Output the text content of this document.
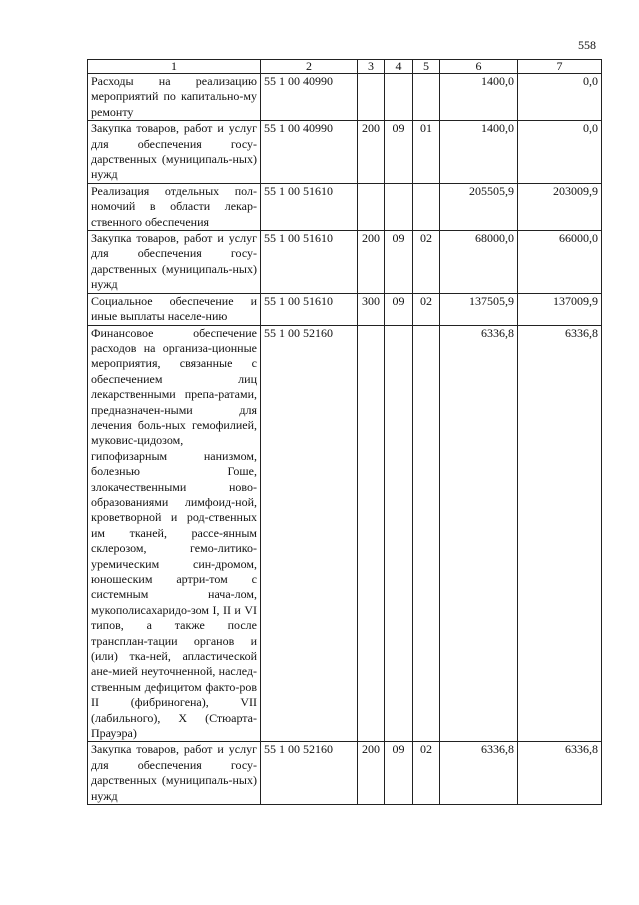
558
1	2	3	4	5	6	7
Расходы на реализацию мероприятий по капитально-му ремонту	55 1 00 40990				1400,0	0,0
Закупка товаров, работ и услуг для обеспечения госу-дарственных (муниципаль-ных) нужд	55 1 00 40990	200	09	01	1400,0	0,0
Реализация отдельных пол-номочий в области лекар-ственного обеспечения	55 1 00 51610				205505,9	203009,9
Закупка товаров, работ и услуг для обеспечения госу-дарственных (муниципаль-ных) нужд	55 1 00 51610	200	09	02	68000,0	66000,0
Социальное обеспечение и иные выплаты населе-нию	55 1 00 51610	300	09	02	137505,9	137009,9
Финансовое обеспечение расходов на организа-ционные мероприятия, связанные с обеспечением лиц лекарственными препа-ратами, предназначен-ными для лечения боль-ных гемофилией, муковис-цидозом, гипофизарным нанизмом, болезнью Гоше, злокачественными ново-образованиями лимфоид-ной, кроветворной и род-ственных им тканей, рассе-янным склерозом, гемо-литико-уремическим син-дромом, юношеским артри-том с системным нача-лом, мукополисахаридо-зом I, II и VI типов, а также после трансплан-тации органов и (или) тка-ней, апластической ане-мией неуточненной, наслед-ственным дефицитом факто-ров II (фибриногена), VII (лабильного), X (Стюарта-Прауэра)	55 1 00 52160				6336,8	6336,8
Закупка товаров, работ и услуг для обеспечения госу-дарственных (муниципаль-ных) нужд	55 1 00 52160	200	09	02	6336,8	6336,8
